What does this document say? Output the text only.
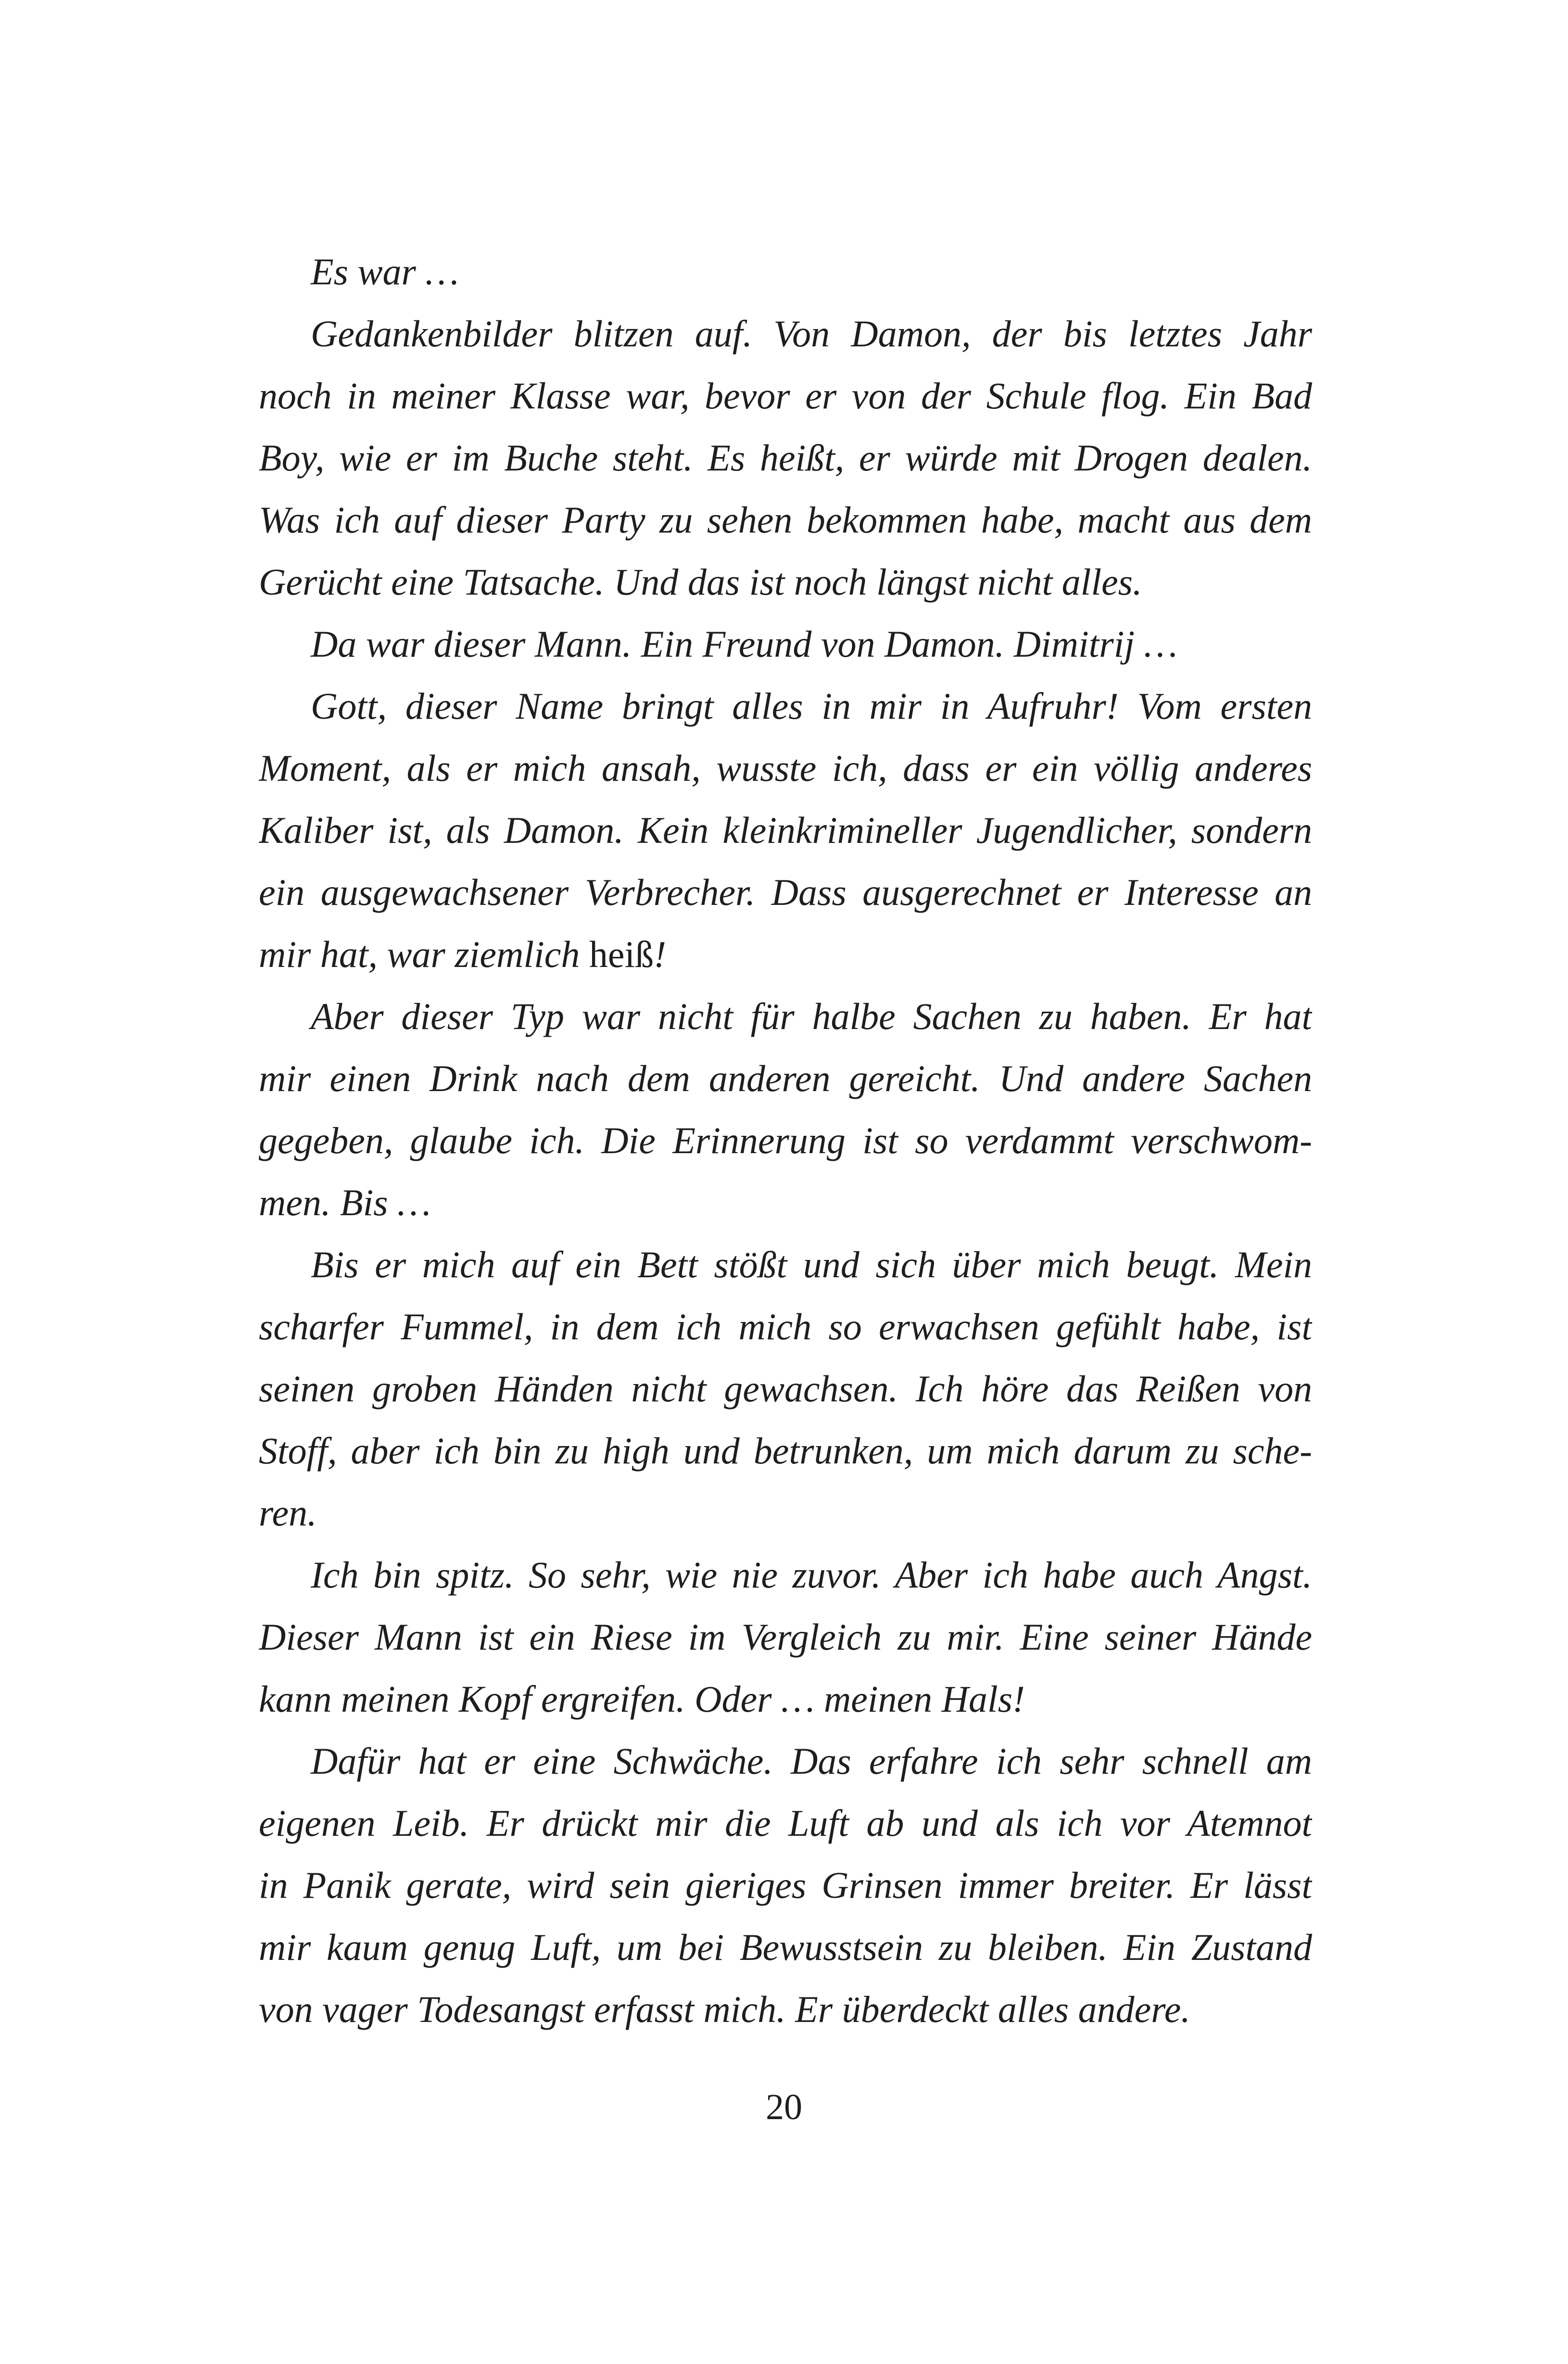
Es war …
Gedankenbilder blitzen auf. Von Damon, der bis letztes Jahr
noch in meiner Klasse war, bevor er von der Schule flog. Ein Bad
Boy, wie er im Buche steht. Es heißt, er würde mit Drogen dealen.
Was ich auf dieser Party zu sehen bekommen habe, macht aus dem
Gerücht eine Tatsache. Und das ist noch längst nicht alles.
Da war dieser Mann. Ein Freund von Damon. Dimitrij …
Gott, dieser Name bringt alles in mir in Aufruhr! Vom ersten
Moment, als er mich ansah, wusste ich, dass er ein völlig anderes
Kaliber ist, als Damon. Kein kleinkrimineller Jugendlicher, sondern
ein ausgewachsener Verbrecher. Dass ausgerechnet er Interesse an
mir hat, war ziemlich heiß!
Aber dieser Typ war nicht für halbe Sachen zu haben. Er hat
mir einen Drink nach dem anderen gereicht. Und andere Sachen
gegeben, glaube ich. Die Erinnerung ist so verdammt verschwom-
men. Bis …
Bis er mich auf ein Bett stößt und sich über mich beugt. Mein
scharfer Fummel, in dem ich mich so erwachsen gefühlt habe, ist
seinen groben Händen nicht gewachsen. Ich höre das Reißen von
Stoff, aber ich bin zu high und betrunken, um mich darum zu sche-
ren.
Ich bin spitz. So sehr, wie nie zuvor. Aber ich habe auch Angst.
Dieser Mann ist ein Riese im Vergleich zu mir. Eine seiner Hände
kann meinen Kopf ergreifen. Oder … meinen Hals!
Dafür hat er eine Schwäche. Das erfahre ich sehr schnell am
eigenen Leib. Er drückt mir die Luft ab und als ich vor Atemnot
in Panik gerate, wird sein gieriges Grinsen immer breiter. Er lässt
mir kaum genug Luft, um bei Bewusstsein zu bleiben. Ein Zustand
von vager Todesangst erfasst mich. Er überdeckt alles andere.
20
